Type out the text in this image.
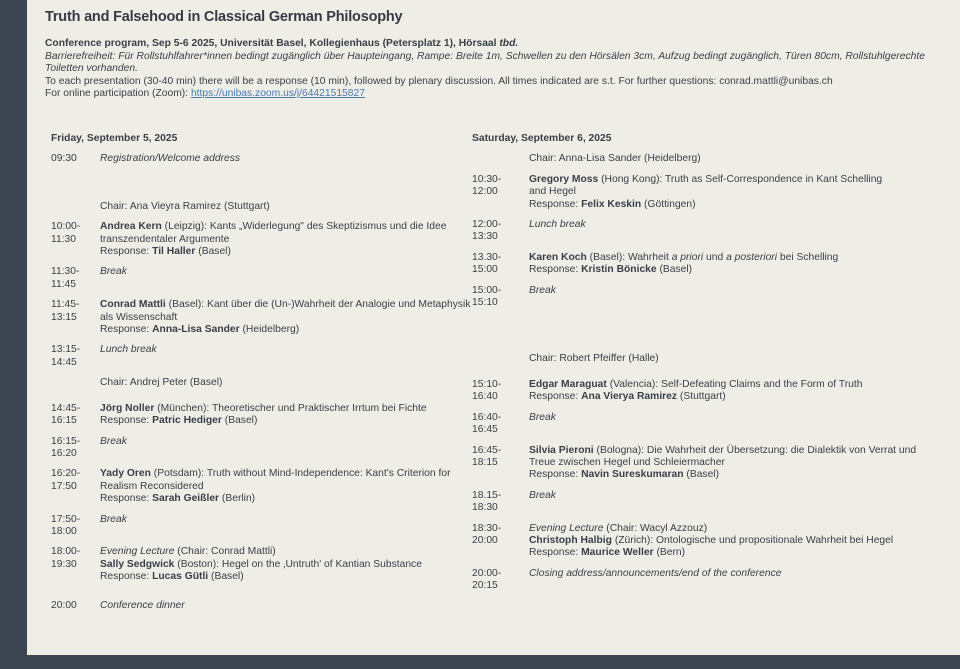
Truth and Falsehood in Classical German Philosophy
Conference program, Sep 5-6 2025, Universität Basel, Kollegienhaus (Petersplatz 1), Hörsaal tbd.
Barrierefreiheit: Für Rollstuhlfahrer*innen bedingt zugänglich über Haupteingang, Rampe: Breite 1m, Schwellen zu den Hörsälen 3cm, Aufzug bedingt zugänglich, Türen 80cm, Rollstuhlgerechte Toiletten vorhanden.
To each presentation (30-40 min) there will be a response (10 min), followed by plenary discussion. All times indicated are s.t. For further questions: conrad.mattli@unibas.ch
For online participation (Zoom): https://unibas.zoom.us/j/64421515827
Friday, September 5, 2025
09:30	Registration/Welcome address
Chair: Ana Vieyra Ramirez (Stuttgart)
10:00-
11:30
Andrea Kern (Leipzig): Kants „Widerlegung" des Skeptizismus und die Idee transzendentaler Argumente
Response: Til Haller (Basel)
11:30-
11:45
Break
11:45-
13:15
Conrad Mattli (Basel): Kant über die (Un-)Wahrheit der Analogie und Metaphysik als Wissenschaft
Response: Anna-Lisa Sander (Heidelberg)
13:15-
14:45
Lunch break
Chair: Andrej Peter (Basel)
14:45-
16:15
Jörg Noller (München): Theoretischer und Praktischer Irrtum bei Fichte
Response: Patric Hediger (Basel)
16:15-
16:20
Break
16:20-
17:50
Yady Oren (Potsdam): Truth without Mind-Independence: Kant's Criterion for Realism Reconsidered
Response: Sarah Geißler (Berlin)
17:50-
18:00
Break
18:00-
19:30
Evening Lecture (Chair: Conrad Mattli)
Sally Sedgwick (Boston): Hegel on the ‚Untruth' of Kantian Substance
Response: Lucas Gütli (Basel)
20:00	Conference dinner
Saturday, September 6, 2025
Chair: Anna-Lisa Sander (Heidelberg)
10:30-
12:00
Gregory Moss (Hong Kong): Truth as Self-Correspondence in Kant Schelling and Hegel
Response: Felix Keskin (Göttingen)
12:00-
13:30
Lunch break
13.30-
15:00
Karen Koch (Basel): Wahrheit a priori und a posteriori bei Schelling
Response: Kristin Bönicke (Basel)
15:00-
15:10
Break
Chair: Robert Pfeiffer (Halle)
15:10-
16:40
Edgar Maraguat (Valencia): Self-Defeating Claims and the Form of Truth
Response: Ana Vierya Ramirez (Stuttgart)
16:40-
16:45
Break
16:45-
18:15
Silvia Pieroni (Bologna): Die Wahrheit der Übersetzung: die Dialektik von Verrat und Treue zwischen Hegel und Schleiermacher
Response: Navin Sureskumaran (Basel)
18.15-
18:30
Break
18:30-
20:00
Evening Lecture (Chair: Wacyl Azzouz)
Christoph Halbig (Zürich): Ontologische und propositionale Wahrheit bei Hegel
Response: Maurice Weller (Bern)
20:00-
20:15
Closing address/announcements/end of the conference
